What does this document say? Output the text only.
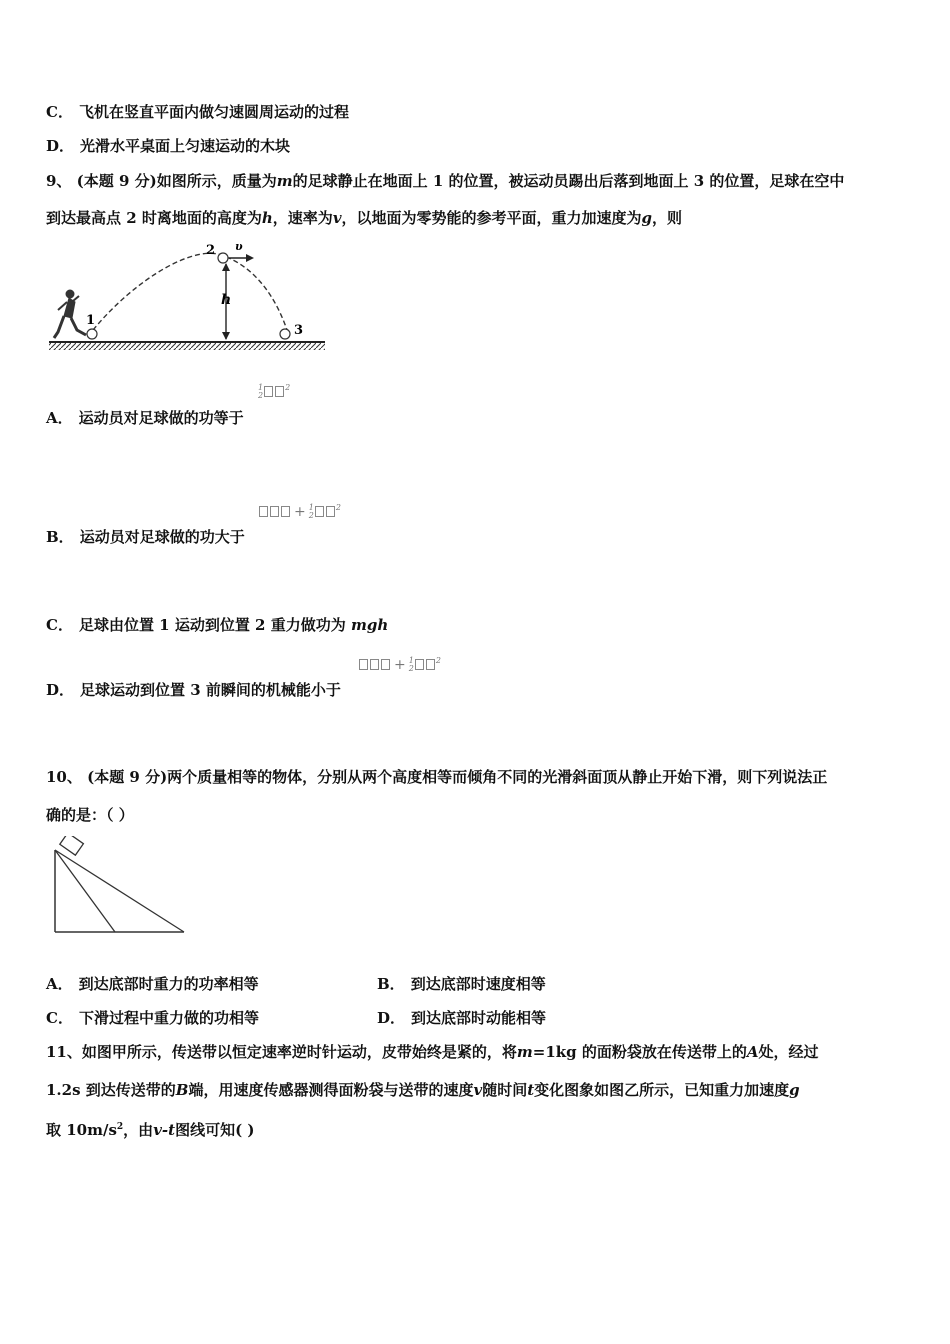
C． 飞机在竖直平面内做匀速圆周运动的过程
D． 光滑水平桌面上匀速运动的木块
9、 (本题 9 分)如图所示，质量为m的足球静止在地面上 1 的位置，被运动员踢出后落到地面上 3 的位置，足球在空中
到达最高点 2 时离地面的高度为h，速率为v，以地面为零势能的参考平面，重力加速度为g，则
1
2
3
h
υ
A． 运动员对足球做的功等于
1
$2^2$
B． 运动员对足球做的功大于
+ 1
$2^2$
C． 足球由位置 1 运动到位置 2 重力做功为 mgh
D． 足球运动到位置 3 前瞬间的机械能小于
+ 1
$2^2$
10、 (本题 9 分)两个质量相等的物体，分别从两个高度相等而倾角不同的光滑斜面顶从静止开始下滑，则下列说法正
确的是：（ ）
A． 到达底部时重力的功率相等	B． 到达底部时速度相等
C． 下滑过程中重力做的功相等	D． 到达底部时动能相等
11、如图甲所示，传送带以恒定速率逆时针运动，皮带始终是紧的，将m=1kg 的面粉袋放在传送带上的A处，经过
1.2s 到达传送带的B端，用速度传感器测得面粉袋与送带的速度v随时间t变化图象如图乙所示，已知重力加速度g
取 $10m/s^2$，由v-t图线可知( )
